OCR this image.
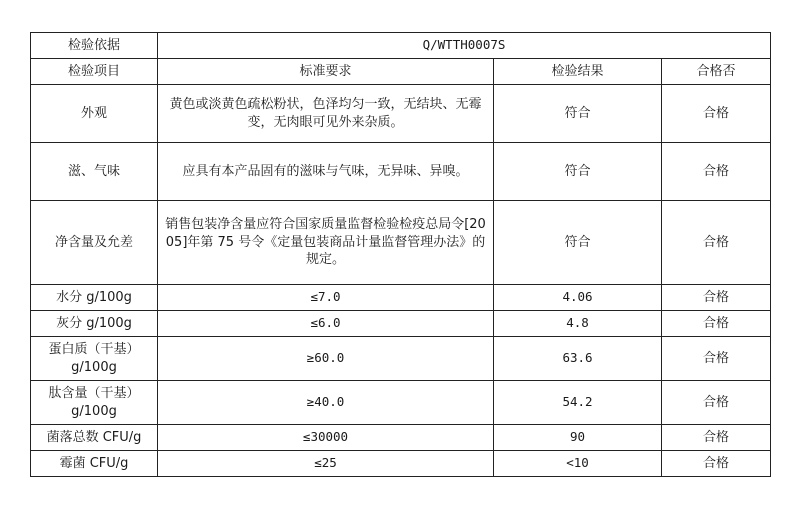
检验依据	Q/WTTH0007S		
检验项目	标准要求	检验结果	合格否
外观	黄色或淡黄色疏松粉状，色泽均匀一致，无结块、无霉变，无肉眼可见外来杂质。	符合	合格
滋、气味	应具有本产品固有的滋味与气味，无异味、异嗅。	符合	合格
净含量及允差	销售包装净含量应符合国家质量监督检验检疫总局令[2005]年第 75 号令《定量包装商品计量监督管理办法》的规定。	符合	合格
水分 g/100g	≤7.0	4.06	合格
灰分 g/100g	≤6.0	4.8	合格
蛋白质（干基）g/100g	≥60.0	63.6	合格
肽含量（干基）g/100g	≥40.0	54.2	合格
菌落总数 CFU/g	≤30000	90	合格
霉菌 CFU/g	≤25	<10	合格
